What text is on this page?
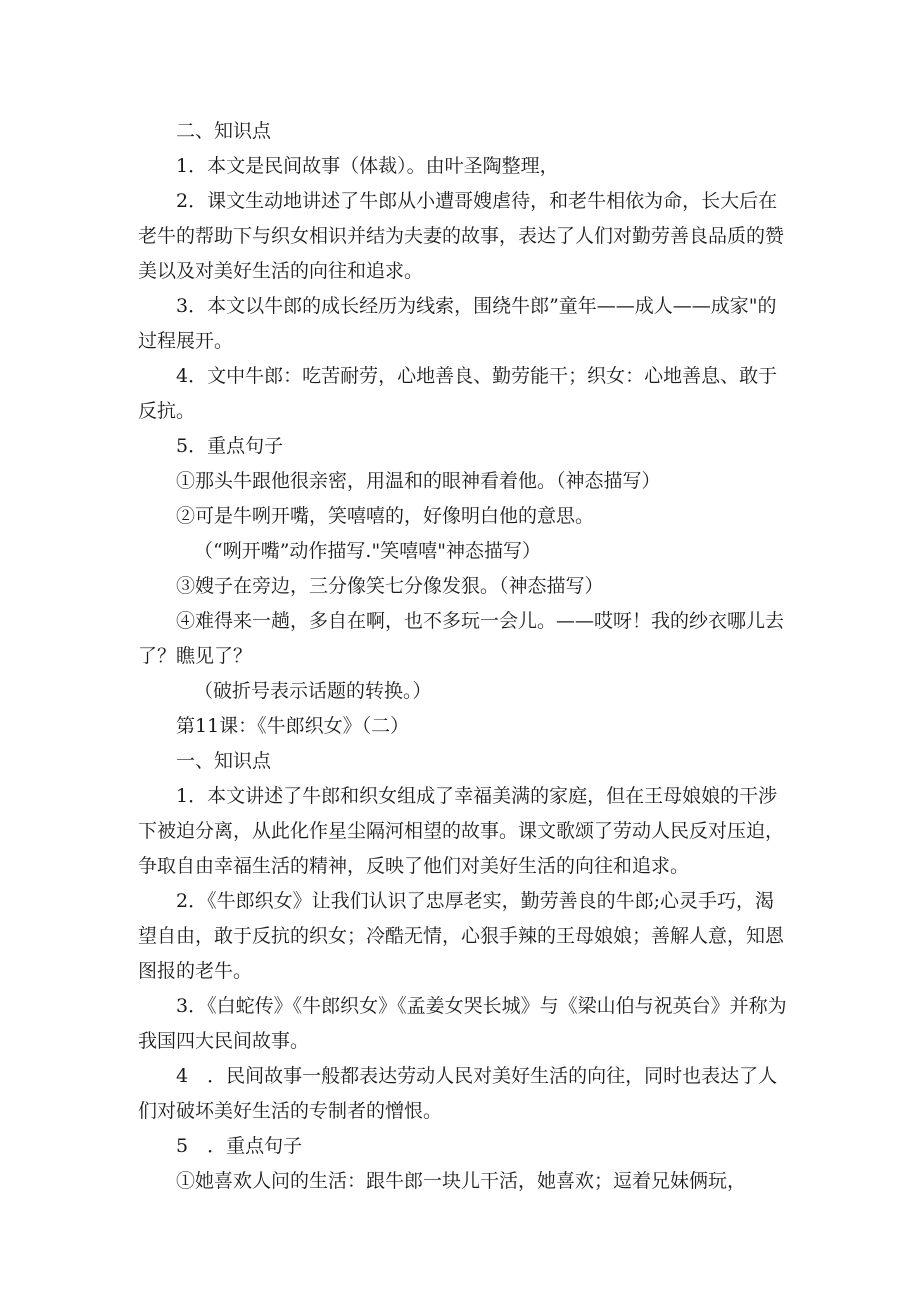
二、知识点

1．本文是民间故事（体裁）。由叶圣陶整理，

2．课文生动地讲述了牛郎从小遭哥嫂虐待，和老牛相依为命，长大后在老牛的帮助下与织女相识并结为夫妻的故事，表达了人们对勤劳善良品质的赞美以及对美好生活的向往和追求。

3．本文以牛郎的成长经历为线索，围绕牛郎”童年——成人——成家"的过程展开。

4．文中牛郎：吃苦耐劳，心地善良、勤劳能干；织女：心地善息、敢于反抗。

5．重点句子

①那头牛跟他很亲密，用温和的眼神看着他。（神态描写）

②可是牛咧开嘴，笑嘻嘻的，好像明白他的意思。

（“咧开嘴”动作描写."笑嘻嘻"神态描写）

③嫂子在旁边，三分像笑七分像发狠。（神态描写）

④难得来一趟，多自在啊，也不多玩一会儿。——哎呀！我的纱衣哪儿去了？瞧见了？

（破折号表示话题的转换。）

第11课：《牛郎织女》（二）

一、知识点

1．本文讲述了牛郎和织女组成了幸福美满的家庭，但在王母娘娘的干涉下被迫分离，从此化作星尘隔河相望的故事。课文歌颂了劳动人民反对压迫，争取自由幸福生活的精神，反映了他们对美好生活的向往和追求。

2．《牛郎织女》让我们认识了忠厚老实，勤劳善良的牛郎;心灵手巧，渴望自由，敢于反抗的织女；冷酷无情，心狠手辣的王母娘娘；善解人意，知恩图报的老牛。

3．《白蛇传》《牛郎织女》《孟姜女哭长城》与《梁山伯与祝英台》并称为我国四大民间故事。

4　．民间故事一般都表达劳动人民对美好生活的向往，同时也表达了人们对破坏美好生活的专制者的憎恨。

5　．重点句子

①她喜欢人问的生活：跟牛郎一块儿干活，她喜欢；逗着兄妹俩玩，
